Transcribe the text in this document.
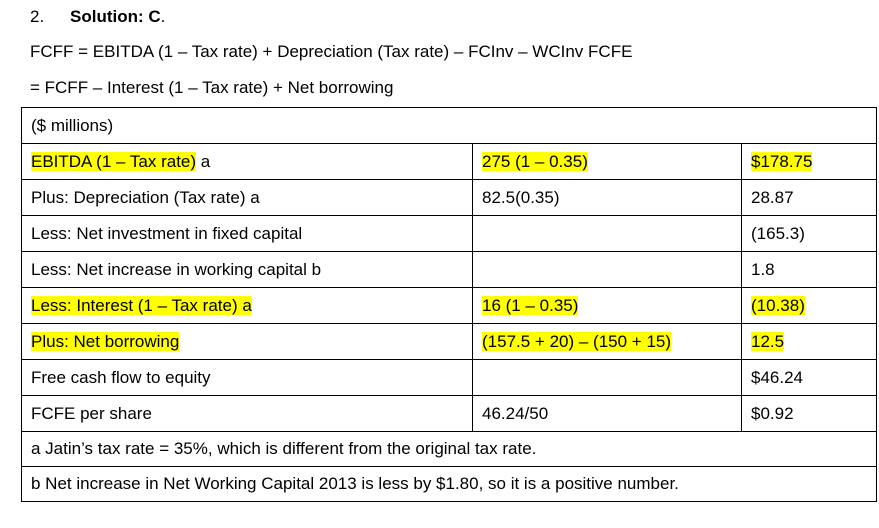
2. Solution: C.
FCFF = EBITDA (1 – Tax rate) + Depreciation (Tax rate) – FCInv – WCInv FCFE
= FCFF – Interest (1 – Tax rate) + Net borrowing
($ millions)		
EBITDA (1 – Tax rate) a	275 (1 – 0.35)	$178.75
Plus: Depreciation (Tax rate) a	82.5(0.35)	28.87
Less: Net investment in fixed capital		(165.3)
Less: Net increase in working capital b		1.8
Less: Interest (1 – Tax rate) a	16 (1 – 0.35)	(10.38)
Plus: Net borrowing	(157.5 + 20) – (150 + 15)	12.5
Free cash flow to equity		$46.24
FCFE per share	46.24/50	$0.92
a Jatin’s tax rate = 35%, which is different from the original tax rate.		
b Net increase in Net Working Capital 2013 is less by $1.80, so it is a positive number.		
